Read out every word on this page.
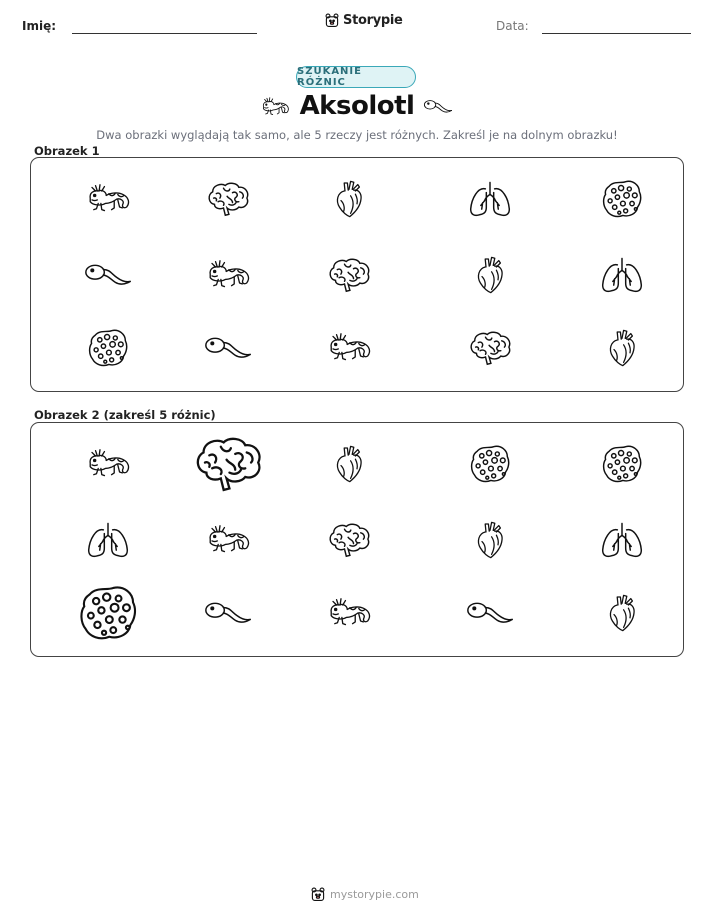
Imię:	Storypie	Data:
SZUKANIE RÓŻNIC
Aksolotl
Dwa obrazki wyglądają tak samo, ale 5 rzeczy jest różnych. Zakreśl je na dolnym obrazku!
Obrazek 1
Obrazek 2 (zakreśl 5 różnic)
mystorypie.com
